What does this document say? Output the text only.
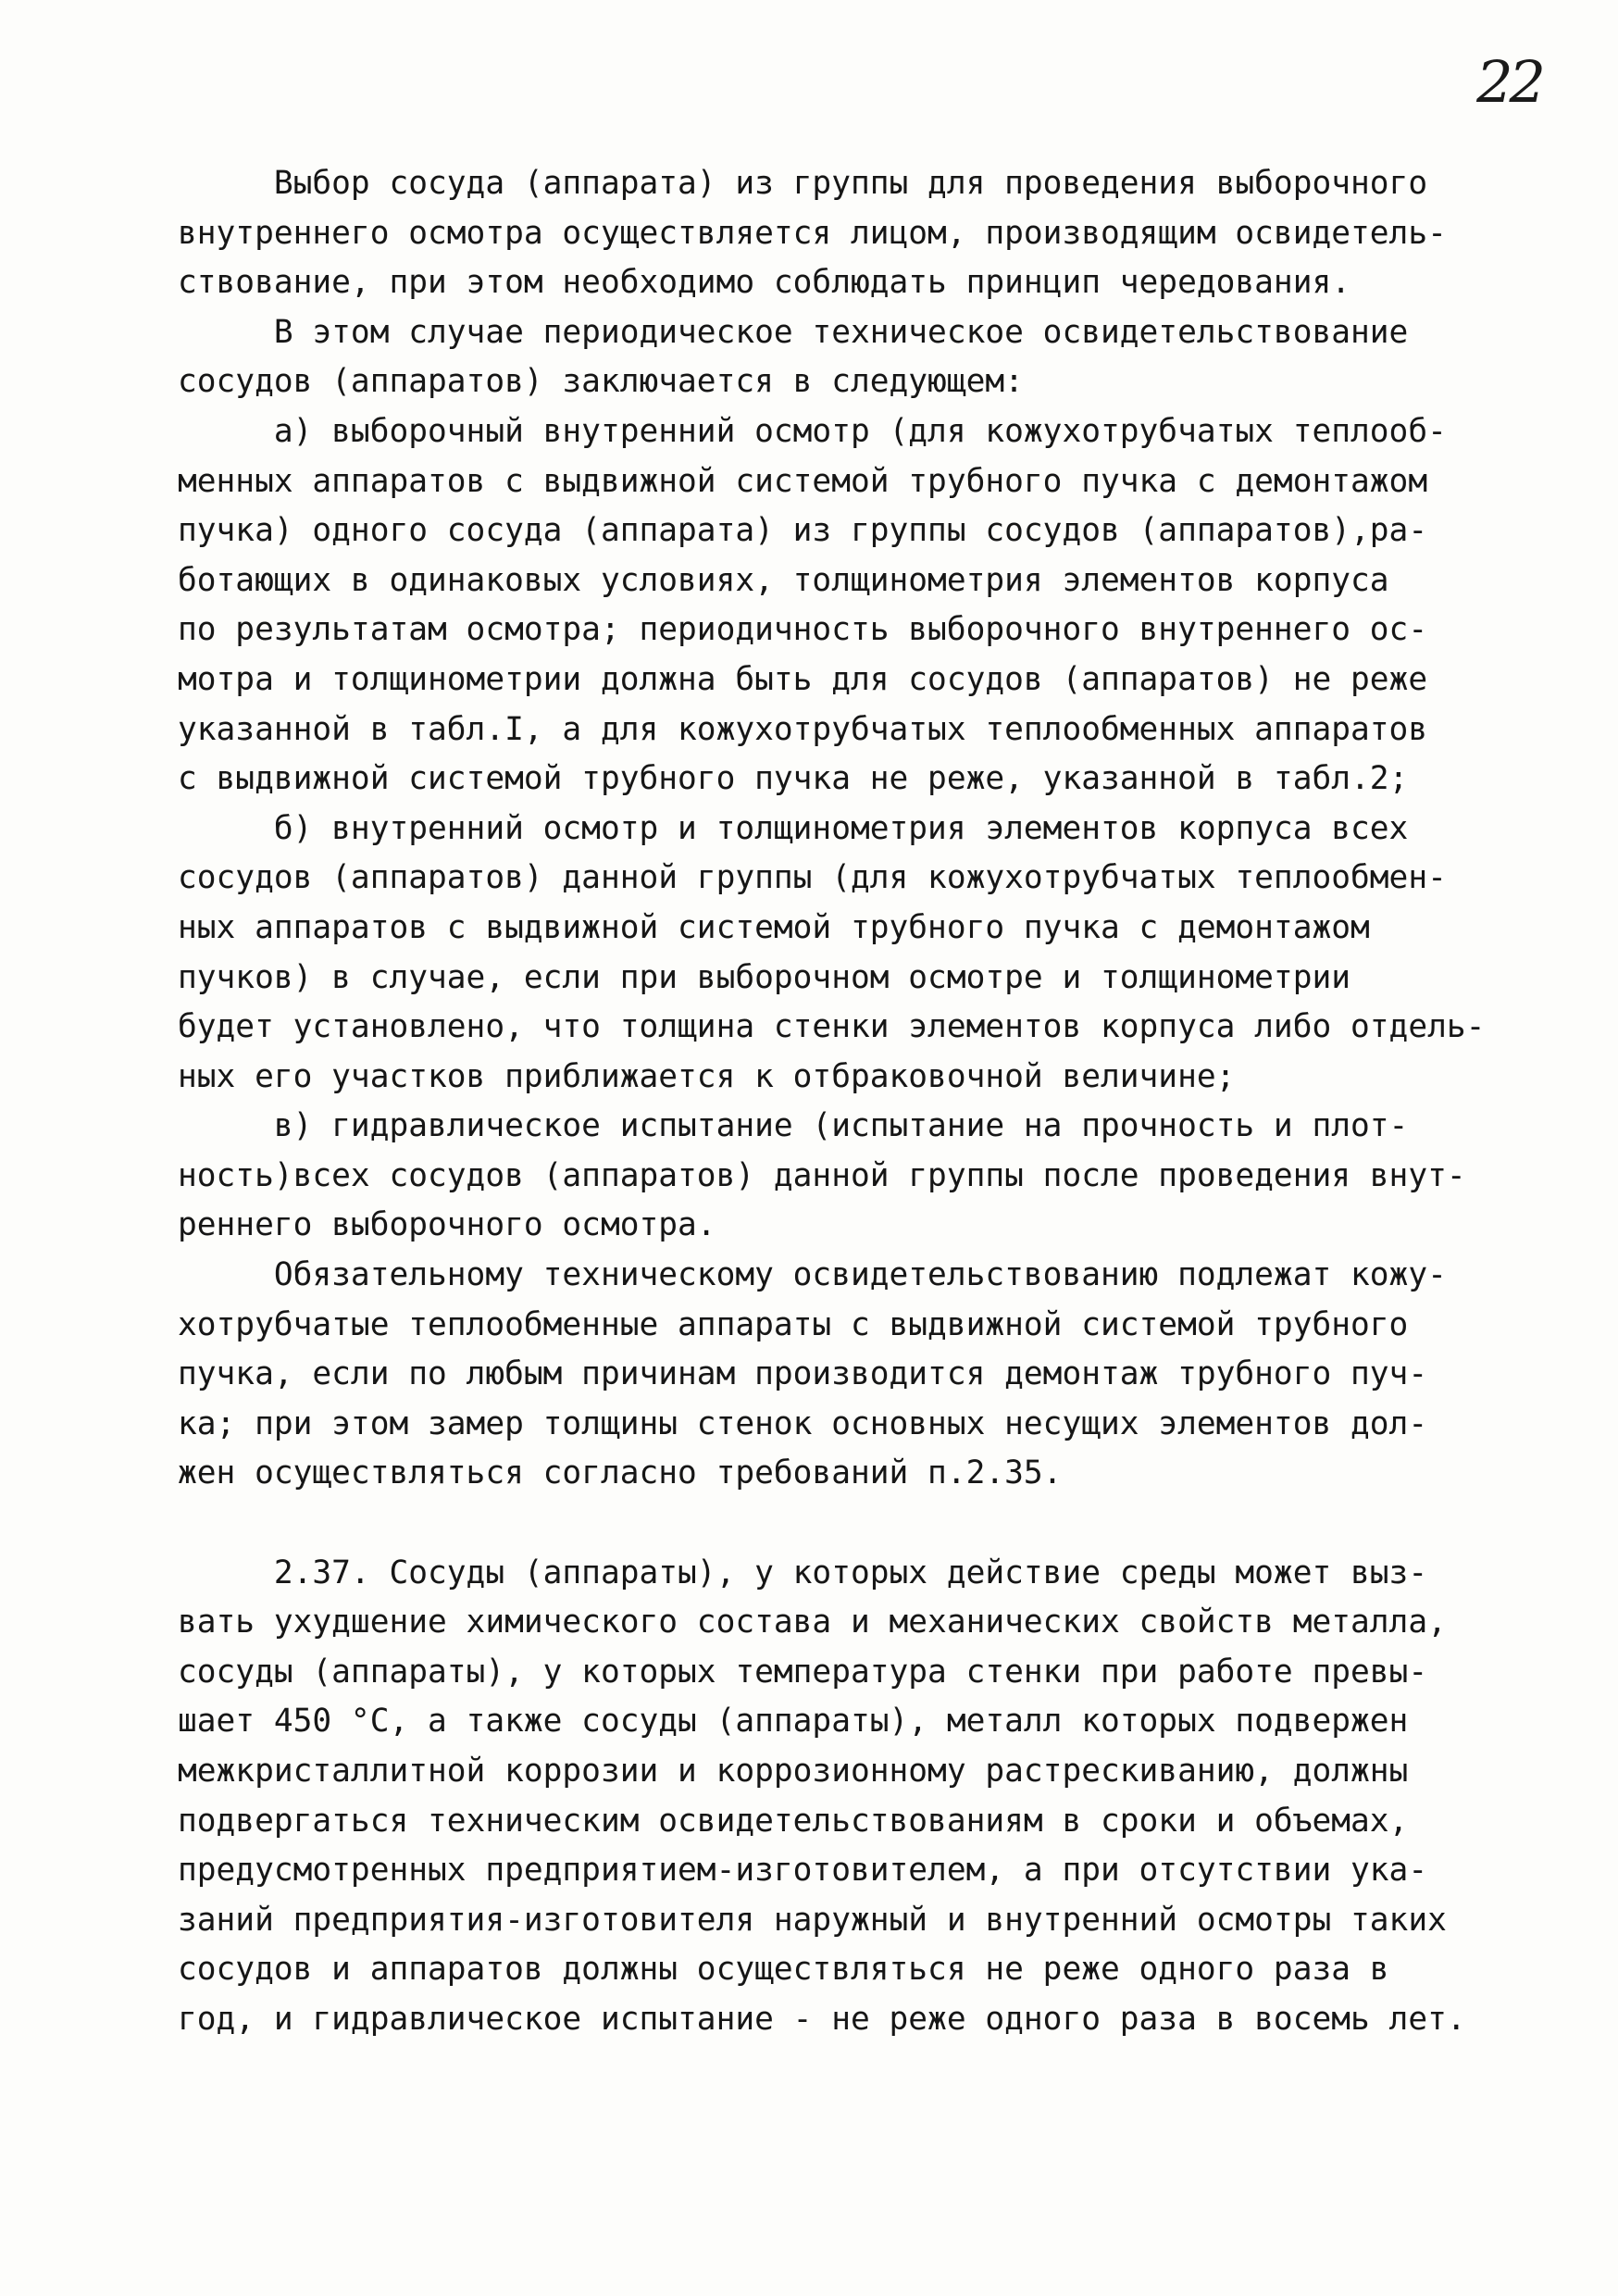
22
Выбор сосуда (аппарата) из группы для проведения выборочного
внутреннего осмотра осуществляется лицом, производящим освидетель-
ствование, при этом необходимо соблюдать принцип чередования.
В этом случае периодическое техническое освидетельствование
сосудов (аппаратов) заключается в следующем:
а) выборочный внутренний осмотр (для кожухотрубчатых теплооб-
менных аппаратов с выдвижной системой трубного пучка с демонтажом
пучка) одного сосуда (аппарата) из группы сосудов (аппаратов),ра-
ботающих в одинаковых условиях, толщинометрия элементов корпуса
по результатам осмотра; периодичность выборочного внутреннего ос-
мотра и толщинометрии должна быть для сосудов (аппаратов) не реже
указанной в табл.I, а для кожухотрубчатых теплообменных аппаратов
с выдвижной системой трубного пучка не реже, указанной в табл.2;
б) внутренний осмотр и толщинометрия элементов корпуса всех
сосудов (аппаратов) данной группы (для кожухотрубчатых теплообмен-
ных аппаратов с выдвижной системой трубного пучка с демонтажом
пучков) в случае, если при выборочном осмотре и толщинометрии
будет установлено, что толщина стенки элементов корпуса либо отдель-
ных его участков приближается к отбраковочной величине;
в) гидравлическое испытание (испытание на прочность и плот-
ность)всех сосудов (аппаратов) данной группы после проведения внут-
реннего выборочного осмотра.
Обязательному техническому освидетельствованию подлежат кожу-
хотрубчатые теплообменные аппараты с выдвижной системой трубного
пучка, если по любым причинам производится демонтаж трубного пуч-
ка; при этом замер толщины стенок основных несущих элементов дол-
жен осуществляться согласно требований п.2.35.
2.37. Сосуды (аппараты), у которых действие среды может выз-
вать ухудшение химического состава и механических свойств металла,
сосуды (аппараты), у которых температура стенки при работе превы-
шает 450 °С, а также сосуды (аппараты), металл которых подвержен
межкристаллитной коррозии и коррозионному растрескиванию, должны
подвергаться техническим освидетельствованиям в сроки и объемах,
предусмотренных предприятием-изготовителем, а при отсутствии ука-
заний предприятия-изготовителя наружный и внутренний осмотры таких
сосудов и аппаратов должны осуществляться не реже одного раза в
год, и гидравлическое испытание - не реже одного раза в восемь лет.
